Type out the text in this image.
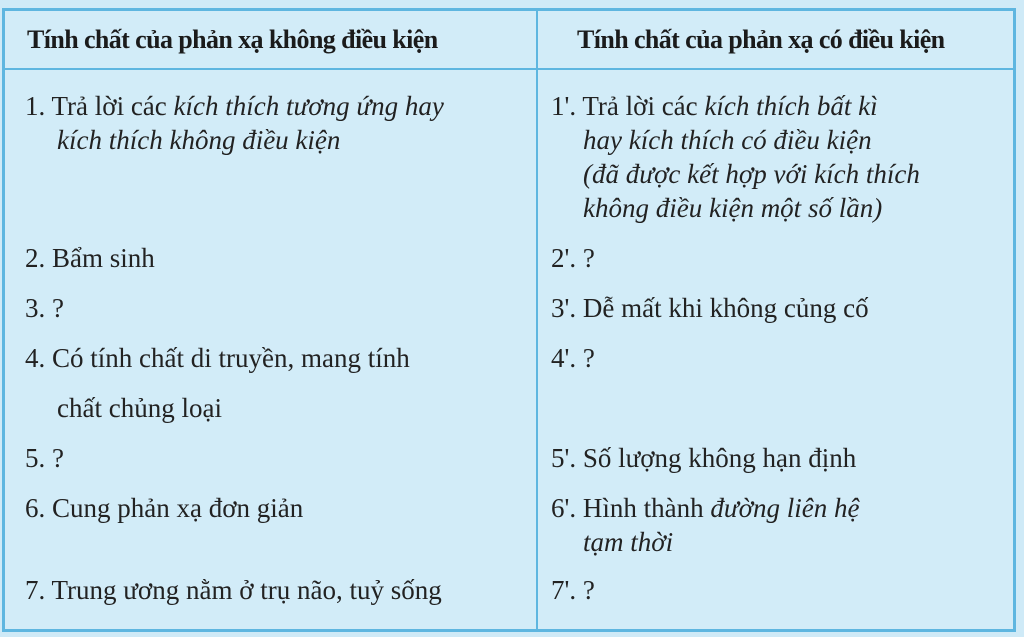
Tính chất của phản xạ không điều kiện	Tính chất của phản xạ có điều kiện
1. Trả lời các kích thích tương ứng hay
kích thích không điều kiện
2. Bẩm sinh
3. ?
4. Có tính chất di truyền, mang tính
chất chủng loại
5. ?
6. Cung phản xạ đơn giản
7. Trung ương nằm ở trụ não, tuỷ sống
1'. Trả lời các kích thích bất kì
hay kích thích có điều kiện
(đã được kết hợp với kích thích
không điều kiện một số lần)
2'. ?
3'. Dễ mất khi không củng cố
4'. ?
5'. Số lượng không hạn định
6'. Hình thành đường liên hệ
tạm thời
7'. ?
